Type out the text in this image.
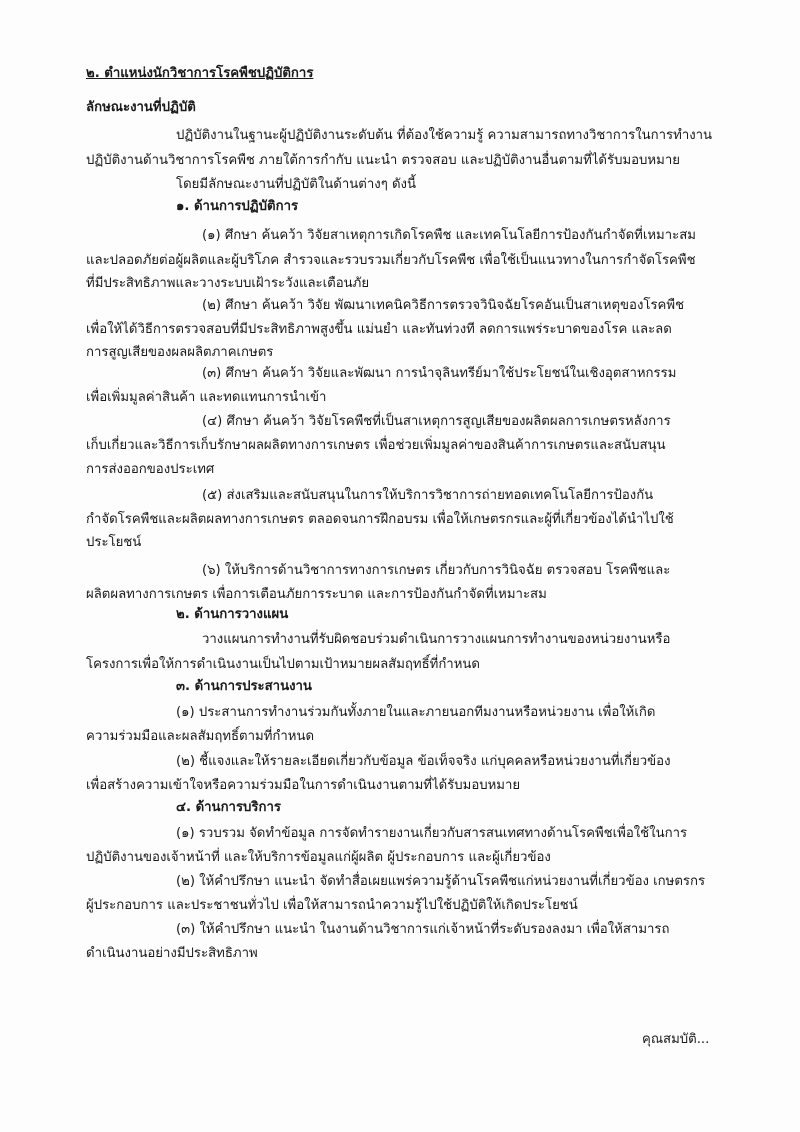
๒. ตำแหน่งนักวิชาการโรคพืชปฏิบัติการ
ลักษณะงานที่ปฏิบัติ
ปฏิบัติงานในฐานะผู้ปฏิบัติงานระดับต้น ที่ต้องใช้ความรู้ ความสามารถทางวิชาการในการทำงาน
ปฏิบัติงานด้านวิชาการโรคพืช ภายใต้การกำกับ แนะนำ ตรวจสอบ และปฏิบัติงานอื่นตามที่ได้รับมอบหมาย
โดยมีลักษณะงานที่ปฏิบัติในด้านต่างๆ ดังนี้
๑. ด้านการปฏิบัติการ
(๑) ศึกษา ค้นคว้า วิจัยสาเหตุการเกิดโรคพืช และเทคโนโลยีการป้องกันกำจัดที่เหมาะสม
และปลอดภัยต่อผู้ผลิตและผู้บริโภค สำรวจและรวบรวมเกี่ยวกับโรคพืช เพื่อใช้เป็นแนวทางในการกำจัดโรคพืช
ที่มีประสิทธิภาพและวางระบบเฝ้าระวังและเตือนภัย
(๒) ศึกษา ค้นคว้า วิจัย พัฒนาเทคนิควิธีการตรวจวินิจฉัยโรคอันเป็นสาเหตุของโรคพืช
เพื่อให้ได้วิธีการตรวจสอบที่มีประสิทธิภาพสูงขึ้น แม่นยำ และทันท่วงที ลดการแพร่ระบาดของโรค และลด
การสูญเสียของผลผลิตภาคเกษตร
(๓) ศึกษา ค้นคว้า วิจัยและพัฒนา การนำจุลินทรีย์มาใช้ประโยชน์ในเชิงอุตสาหกรรม
เพื่อเพิ่มมูลค่าสินค้า และทดแทนการนำเข้า
(๔) ศึกษา ค้นคว้า วิจัยโรคพืชที่เป็นสาเหตุการสูญเสียของผลิตผลการเกษตรหลังการ
เก็บเกี่ยวและวิธีการเก็บรักษาผลผลิตทางการเกษตร เพื่อช่วยเพิ่มมูลค่าของสินค้าการเกษตรและสนับสนุน
การส่งออกของประเทศ
(๕) ส่งเสริมและสนับสนุนในการให้บริการวิชาการถ่ายทอดเทคโนโลยีการป้องกัน
กำจัดโรคพืชและผลิตผลทางการเกษตร ตลอดจนการฝึกอบรม เพื่อให้เกษตรกรและผู้ที่เกี่ยวข้องได้นำไปใช้
ประโยชน์
(๖) ให้บริการด้านวิชาการทางการเกษตร เกี่ยวกับการวินิจฉัย ตรวจสอบ โรคพืชและ
ผลิตผลทางการเกษตร เพื่อการเตือนภัยการระบาด และการป้องกันกำจัดที่เหมาะสม
๒. ด้านการวางแผน
วางแผนการทำงานที่รับผิดชอบร่วมดำเนินการวางแผนการทำงานของหน่วยงานหรือ
โครงการเพื่อให้การดำเนินงานเป็นไปตามเป้าหมายผลสัมฤทธิ์ที่กำหนด
๓. ด้านการประสานงาน
(๑) ประสานการทำงานร่วมกันทั้งภายในและภายนอกทีมงานหรือหน่วยงาน เพื่อให้เกิด
ความร่วมมือและผลสัมฤทธิ์ตามที่กำหนด
(๒) ชี้แจงและให้รายละเอียดเกี่ยวกับข้อมูล ข้อเท็จจริง แก่บุคคลหรือหน่วยงานที่เกี่ยวข้อง
เพื่อสร้างความเข้าใจหรือความร่วมมือในการดำเนินงานตามที่ได้รับมอบหมาย
๔. ด้านการบริการ
(๑) รวบรวม จัดทำข้อมูล การจัดทำรายงานเกี่ยวกับสารสนเทศทางด้านโรคพืชเพื่อใช้ในการ
ปฏิบัติงานของเจ้าหน้าที่ และให้บริการข้อมูลแก่ผู้ผลิต ผู้ประกอบการ และผู้เกี่ยวข้อง
(๒) ให้คำปรึกษา แนะนำ จัดทำสื่อเผยแพร่ความรู้ด้านโรคพืชแก่หน่วยงานที่เกี่ยวข้อง เกษตรกร
ผู้ประกอบการ และประชาชนทั่วไป เพื่อให้สามารถนำความรู้ไปใช้ปฏิบัติให้เกิดประโยชน์
(๓) ให้คำปรึกษา แนะนำ ในงานด้านวิชาการแก่เจ้าหน้าที่ระดับรองลงมา เพื่อให้สามารถ
ดำเนินงานอย่างมีประสิทธิภาพ
คุณสมบัติ...
